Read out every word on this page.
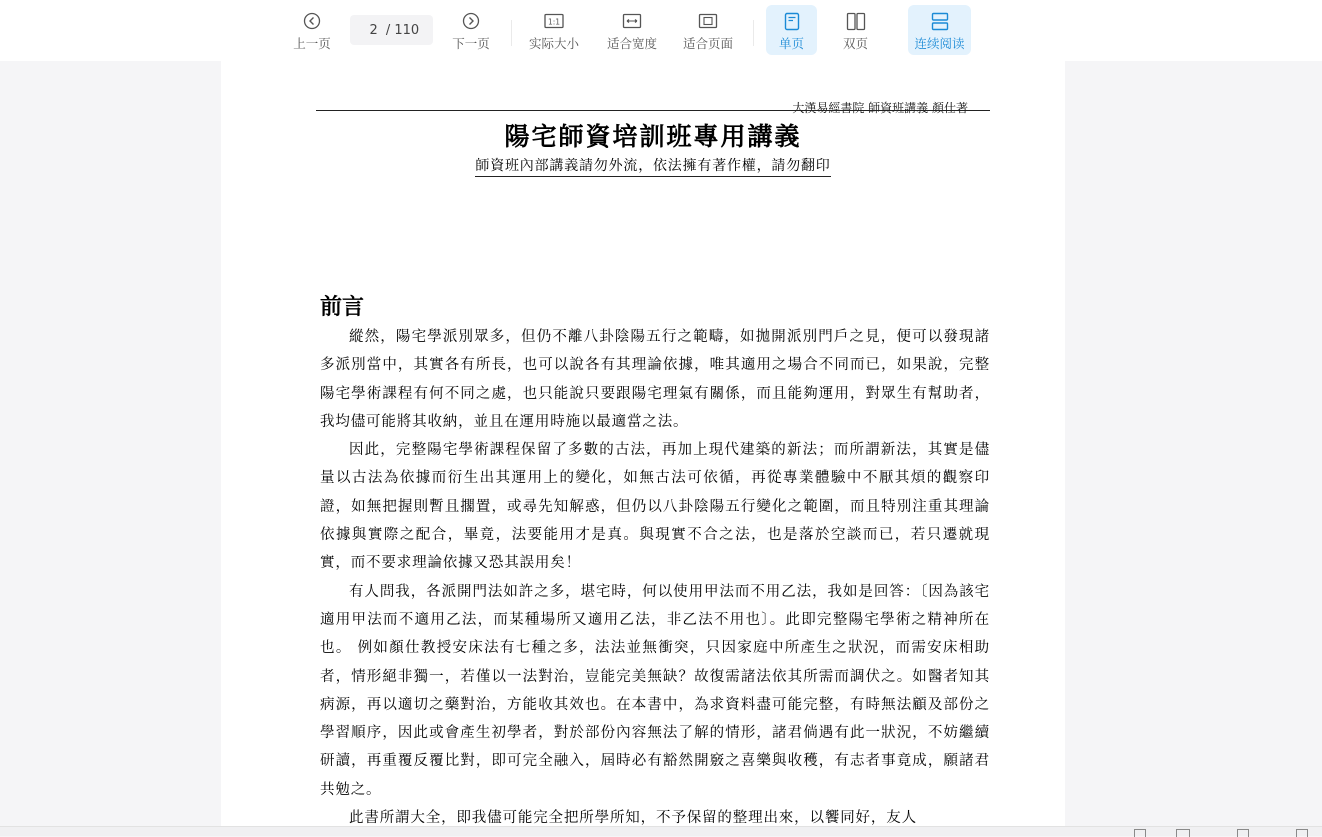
上一页
2 / 110
下一页
1:1
实际大小 适合宽度 适合页面	单页	双页	连续阅读
大漢易經書院 師資班講義 顏仕著
陽宅師資培訓班專用講義
師資班內部講義請勿外流，依法擁有著作權，請勿翻印
前言

縱然，陽宅學派別眾多，但仍不離八卦陰陽五行之範疇，如拋開派別門戶之見，便可以發現諸多派別當中，其實各有所長，也可以說各有其理論依據，唯其適用之場合不同而已，如果說，完整陽宅學術課程有何不同之處，也只能說只要跟陽宅理氣有關係，而且能夠運用，對眾生有幫助者，我均儘可能將其收納，並且在運用時施以最適當之法。

因此，完整陽宅學術課程保留了多數的古法，再加上現代建築的新法；而所謂新法，其實是儘量以古法為依據而衍生出其運用上的變化，如無古法可依循，再從專業體驗中不厭其煩的觀察印證，如無把握則暫且擱置，或尋先知解惑，但仍以八卦陰陽五行變化之範圍，而且特別注重其理論依據與實際之配合，畢竟，法要能用才是真。與現實不合之法，也是落於空談而已，若只遷就現實，而不要求理論依據又恐其誤用矣！

有人問我，各派開門法如許之多，堪宅時，何以使用甲法而不用乙法，我如是回答：〔因為該宅適用甲法而不適用乙法，而某種場所又適用乙法，非乙法不用也〕。此即完整陽宅學術之精神所在也。 例如顏仕教授安床法有七種之多，法法並無衝突，只因家庭中所產生之狀況，而需安床相助者，情形絕非獨一，若僅以一法對治，豈能完美無缺？故復需諸法依其所需而調伏之。如醫者知其病源，再以適切之藥對治，方能收其效也。在本書中，為求資料盡可能完整，有時無法顧及部份之學習順序，因此或會產生初學者，對於部份內容無法了解的情形，諸君倘遇有此一狀況，不妨繼續研讀，再重覆反覆比對，即可完全融入，屆時必有豁然開竅之喜樂與收穫，有志者事竟成，願諸君共勉之。

此書所謂大全，即我儘可能完全把所學所知，不予保留的整理出來，以饗同好，友人
